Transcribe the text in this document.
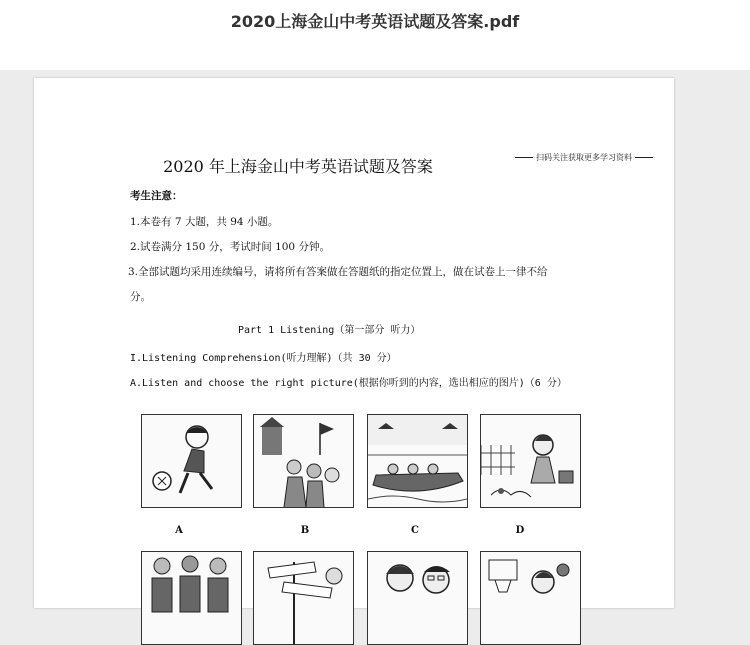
2020上海金山中考英语试题及答案.pdf
2020 年上海金山中考英语试题及答案	扫码关注获取更多学习资料
考生注意：
1.本卷有 7 大题，共 94 小题。
2.试卷满分 150 分，考试时间 100 分钟。
3.全部试题均采用连续编号，请将所有答案做在答题纸的指定位置上，做在试卷上一律不给
分。
Part 1 Listening（第一部分 听力）
I.Listening Comprehension(听力理解)（共 30 分）
A.Listen and choose the right picture(根据你听到的内容，选出相应的图片)（6 分）
A	B	C	D
